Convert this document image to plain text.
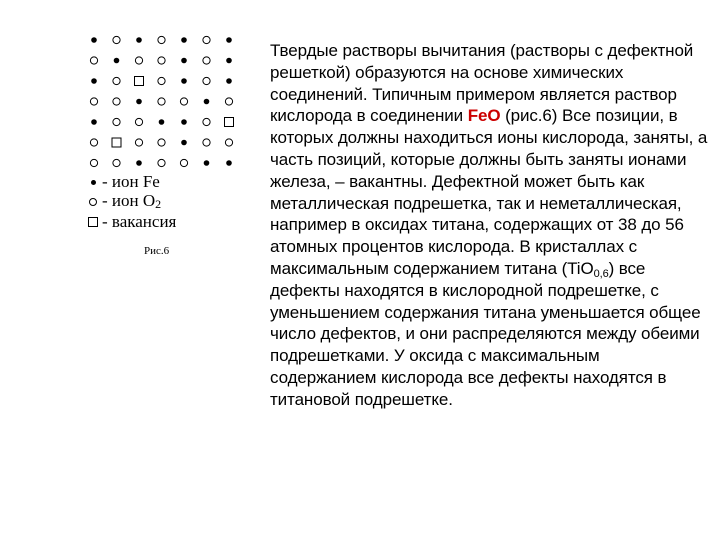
- ион Fe
- ион $O_2$
- вакансия
Рис.6
Твердые растворы вычитания (растворы с дефектной решеткой) образуются на основе химических соединений. Типичным примером является раствор кислорода в соединении FeO (рис.6) Все позиции, в которых должны находиться ионы кислорода, заняты, а часть позиций, которые должны быть заняты ионами железа, – вакантны. Дефектной может быть как металлическая подрешетка, так и неметаллическая, например в оксидах титана, содержащих от 38 до 56 атомных процентов кислорода. В кристаллах с максимальным содержанием титана (TiO$_{0,6}$) все дефекты находятся в кислородной подрешетке, с уменьшением содержания титана уменьшается общее число дефектов, и они распределяются между обеими подрешетками. У оксида с максимальным содержанием кислорода все дефекты находятся в титановой подрешетке.
